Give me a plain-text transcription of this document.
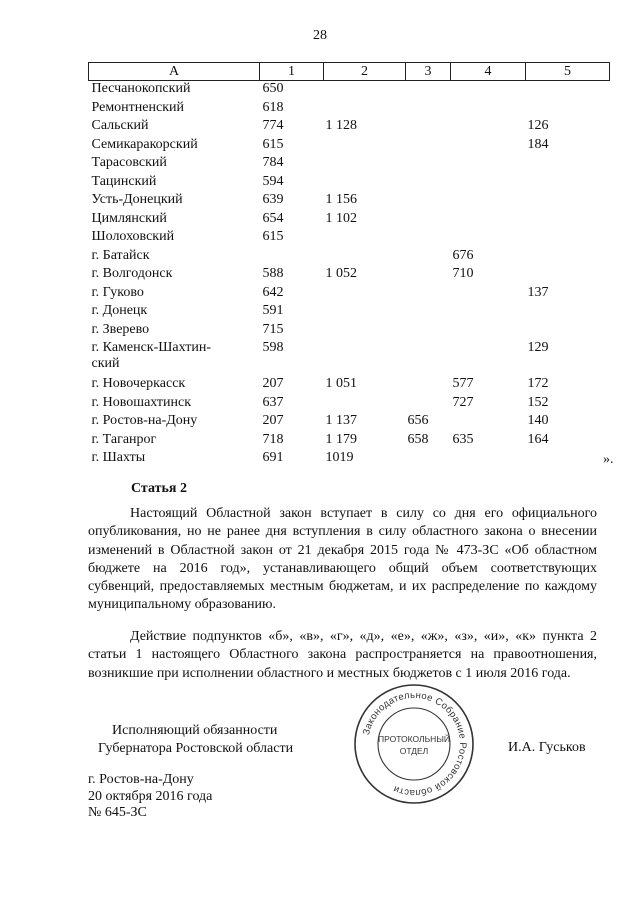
28
А	1	2	3	4	5
Песчанокопский	650				
Ремонтненский	618				
Сальский	774	1 128			126
Семикаракорский	615				184
Тарасовский	784				
Тацинский	594				
Усть-Донецкий	639	1 156			
Цимлянский	654	1 102			
Шолоховский	615				
г. Батайск				676	
г. Волгодонск	588	1 052		710	
г. Гуково	642				137
г. Донецк	591				
г. Зверево	715				
г. Каменск-Шахтин-
ский	598				129
г. Новочеркасск	207	1 051		577	172
г. Новошахтинск	637			727	152
г. Ростов-на-Дону	207	1 137	656		140
г. Таганрог	718	1 179	658	635	164
г. Шахты	691	1019				».
Статья 2

Настоящий Областной закон вступает в силу со дня его официального опубликования, но не ранее дня вступления в силу областного закона о внесении изменений в Областной закон от 21 декабря 2015 года № 473-ЗС «Об областном бюджете на 2016 год», устанавливающего общий объем соответствующих субвенций, предоставляемых местным бюджетам, и их распределение по каждому муниципальному образованию.

Действие подпунктов «б», «в», «г», «д», «е», «ж», «з», «и», «к» пункта 2 статьи 1 настоящего Областного закона распространяется на правоотношения, возникшие при исполнении областного и местных бюджетов с 1 июля 2016 года.

Исполняющий обязанности
Губернатора Ростовской области	И.А. Гуськов
г. Ростов-на-Дону
20 октября 2016 года
№ 645-ЗС
Законодательное Собрание Ростовской области
ПРОТОКОЛЬНЫЙ
ОТДЕЛ
